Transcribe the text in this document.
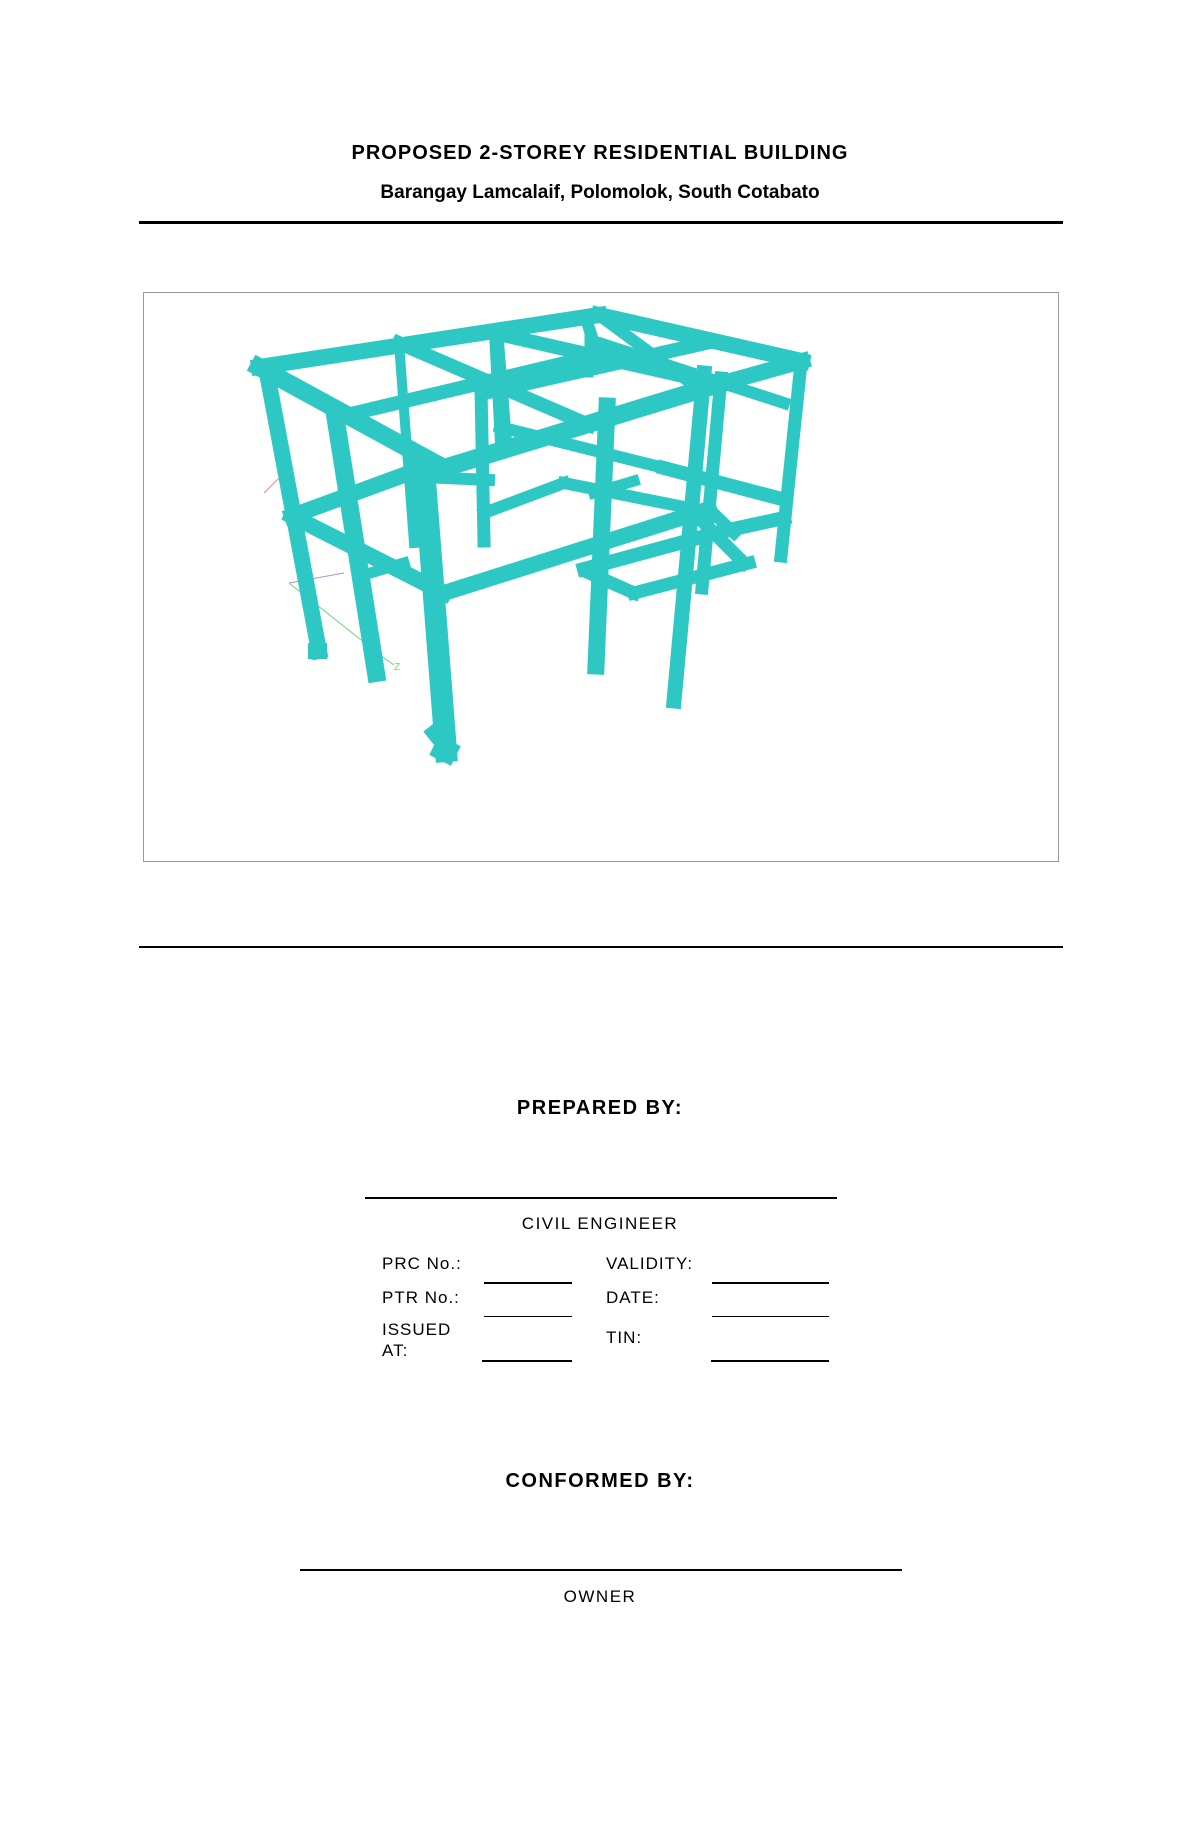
PROPOSED 2-STOREY RESIDENTIAL BUILDING
Barangay Lamcalaif, Polomolok, South Cotabato
Z
PREPARED BY:
CIVIL ENGINEER
PRC No.:
PTR No.:
ISSUED AT:
VALIDITY:
DATE:
TIN:
CONFORMED BY:
OWNER
